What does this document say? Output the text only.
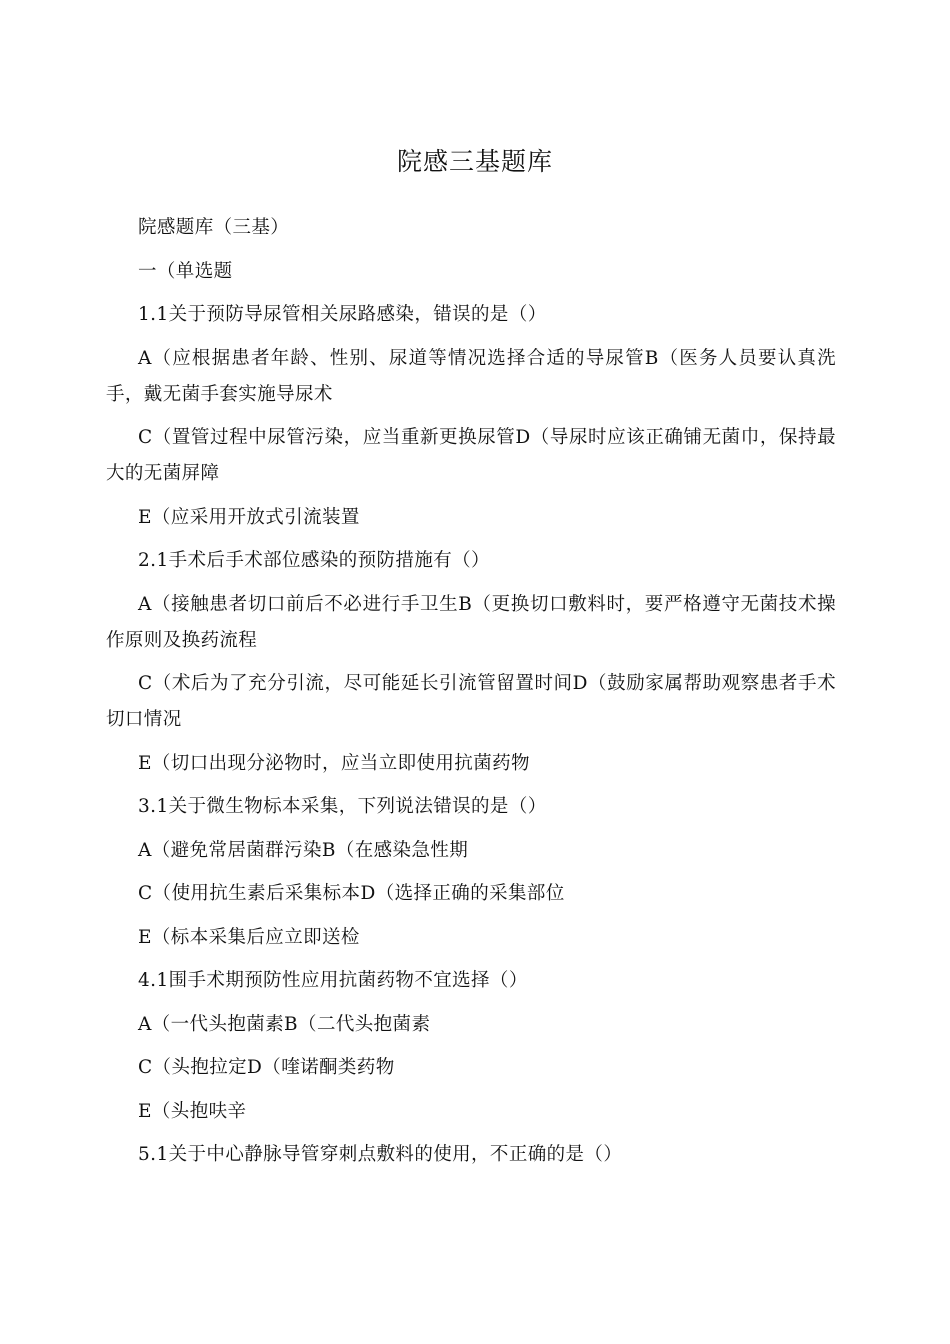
院感三基题库

院感题库（三基）

一（单选题

1.1关于预防导尿管相关尿路感染，错误的是（）

A（应根据患者年龄、性别、尿道等情况选择合适的导尿管B（医务人员要认真洗手，戴无菌手套实施导尿术

C（置管过程中尿管污染，应当重新更换尿管D（导尿时应该正确铺无菌巾，保持最大的无菌屏障

E（应采用开放式引流装置

2.1手术后手术部位感染的预防措施有（）

A（接触患者切口前后不必进行手卫生B（更换切口敷料时，要严格遵守无菌技术操作原则及换药流程

C（术后为了充分引流，尽可能延长引流管留置时间D（鼓励家属帮助观察患者手术切口情况

E（切口出现分泌物时，应当立即使用抗菌药物

3.1关于微生物标本采集，下列说法错误的是（）

A（避免常居菌群污染B（在感染急性期

C（使用抗生素后采集标本D（选择正确的采集部位

E（标本采集后应立即送检

4.1围手术期预防性应用抗菌药物不宜选择（）

A（一代头抱菌素B（二代头抱菌素

C（头抱拉定D（喹诺酮类药物

E（头抱呋辛

5.1关于中心静脉导管穿刺点敷料的使用，不正确的是（）
